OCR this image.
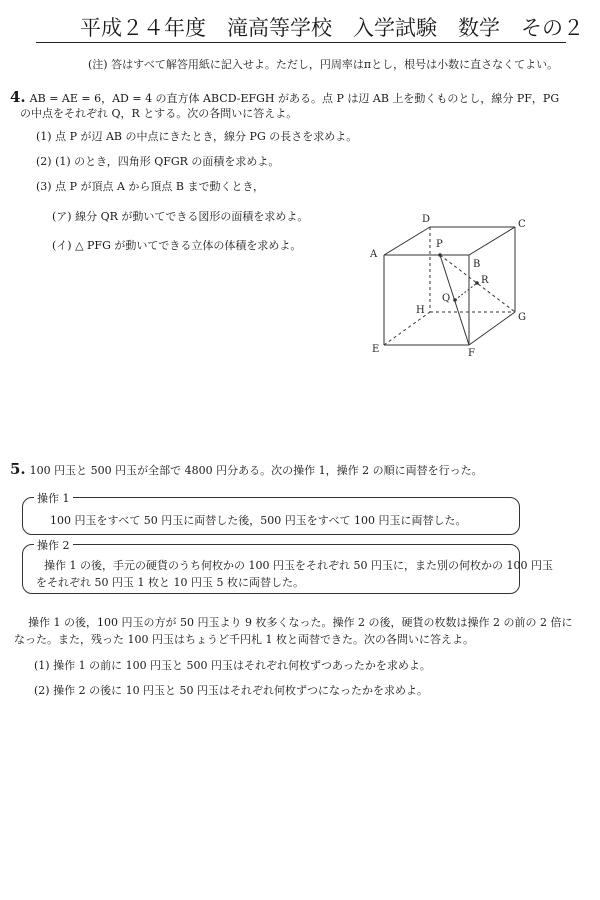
平成２４年度　滝高等学校　入学試験　数学　その２
(注) 答はすべて解答用紙に記入せよ。ただし，円周率はπとし，根号は小数に直さなくてよい。
4. AB = AE = 6，AD = 4 の直方体 ABCD-EFGH がある。点 P は辺 AB 上を動くものとし，線分 PF，PG
の中点をそれぞれ Q，R とする。次の各問いに答えよ。
(1) 点 P が辺 AB の中点にきたとき，線分 PG の長さを求めよ。
(2) (1) のとき，四角形 QFGR の面積を求めよ。
(3) 点 P が頂点 A から頂点 B まで動くとき，
(ア) 線分 QR が動いてできる図形の面積を求めよ。
(イ) △ PFG が動いてできる立体の体積を求めよ。
A
B
C
D
E	F
G
H
P
Q
R
5. 100 円玉と 500 円玉が全部で 4800 円分ある。次の操作 1，操作 2 の順に両替を行った。
操作 1
100 円玉をすべて 50 円玉に両替した後，500 円玉をすべて 100 円玉に両替した。
操作 2
操作 1 の後，手元の硬貨のうち何枚かの 100 円玉をそれぞれ 50 円玉に，また別の何枚かの 100 円玉
をそれぞれ 50 円玉 1 枚と 10 円玉 5 枚に両替した。
操作 1 の後，100 円玉の方が 50 円玉より 9 枚多くなった。操作 2 の後，硬貨の枚数は操作 2 の前の 2 倍に
なった。また，残った 100 円玉はちょうど千円札 1 枚と両替できた。次の各問いに答えよ。
(1) 操作 1 の前に 100 円玉と 500 円玉はそれぞれ何枚ずつあったかを求めよ。
(2) 操作 2 の後に 10 円玉と 50 円玉はそれぞれ何枚ずつになったかを求めよ。
